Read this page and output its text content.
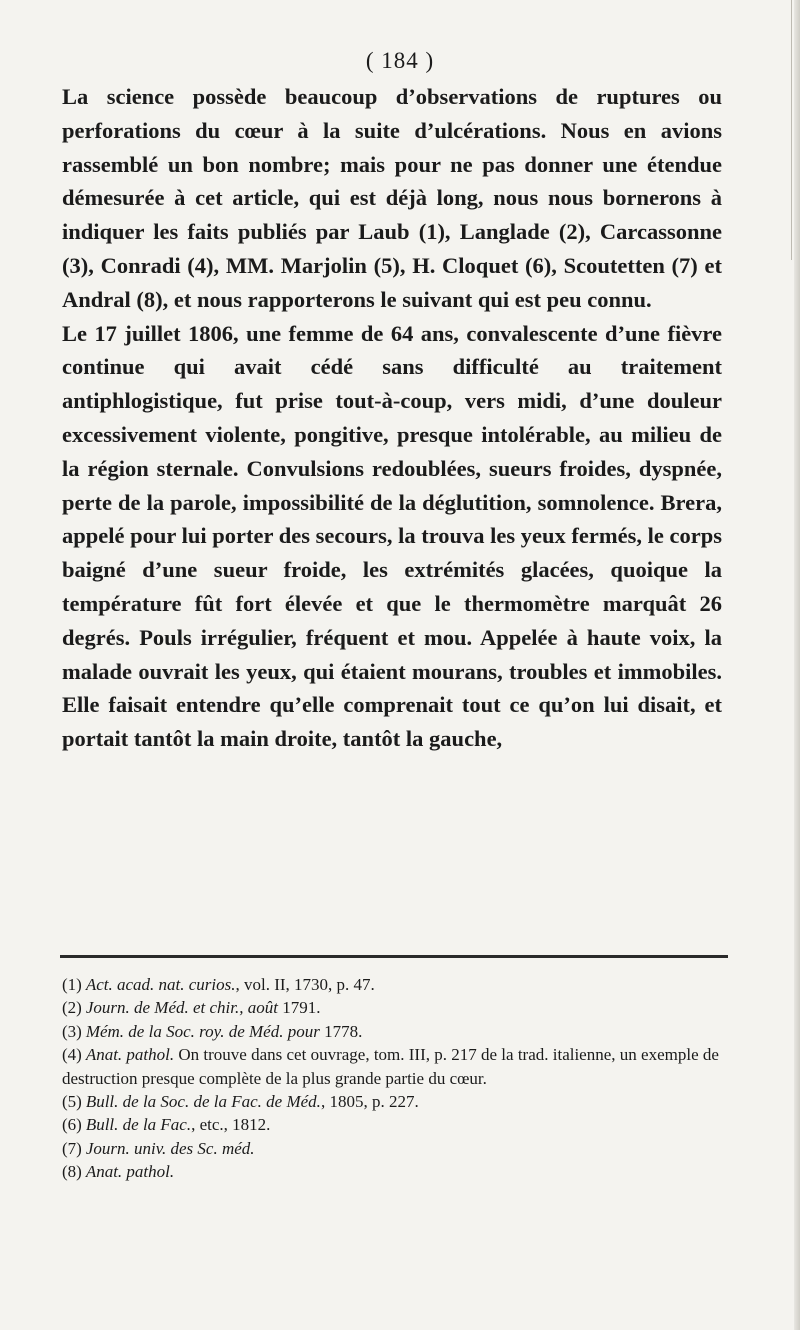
( 184 )

La science possède beaucoup d’observations de ruptures ou perforations du cœur à la suite d’ulcérations. Nous en avions rassemblé un bon nombre; mais pour ne pas donner une étendue démesurée à cet article, qui est déjà long, nous nous bornerons à indiquer les faits publiés par Laub (1), Langlade (2), Carcassonne (3), Conradi (4), MM. Marjolin (5), H. Cloquet (6), Scoutetten (7) et Andral (8), et nous rapporterons le suivant qui est peu connu.

Le 17 juillet 1806, une femme de 64 ans, convalescente d’une fièvre continue qui avait cédé sans difficulté au traitement antiphlogistique, fut prise tout-à-coup, vers midi, d’une douleur excessivement violente, pongitive, presque intolérable, au milieu de la région sternale. Convulsions redoublées, sueurs froides, dyspnée, perte de la parole, impossibilité de la déglutition, somnolence. Brera, appelé pour lui porter des secours, la trouva les yeux fermés, le corps baigné d’une sueur froide, les extrémités glacées, quoique la température fût fort élevée et que le thermomètre marquât 26 degrés. Pouls irrégulier, fréquent et mou. Appelée à haute voix, la malade ouvrait les yeux, qui étaient mourans, troubles et immobiles. Elle faisait entendre qu’elle comprenait tout ce qu’on lui disait, et portait tantôt la main droite, tantôt la gauche,

(1) Act. acad. nat. curios., vol. II, 1730, p. 47.

(2) Journ. de Méd. et chir., août 1791.

(3) Mém. de la Soc. roy. de Méd. pour 1778.

(4) Anat. pathol. On trouve dans cet ouvrage, tom. III, p. 217 de la trad. italienne, un exemple de destruction presque complète de la plus grande partie du cœur.

(5) Bull. de la Soc. de la Fac. de Méd., 1805, p. 227.

(6) Bull. de la Fac., etc., 1812.

(7) Journ. univ. des Sc. méd.

(8) Anat. pathol.
